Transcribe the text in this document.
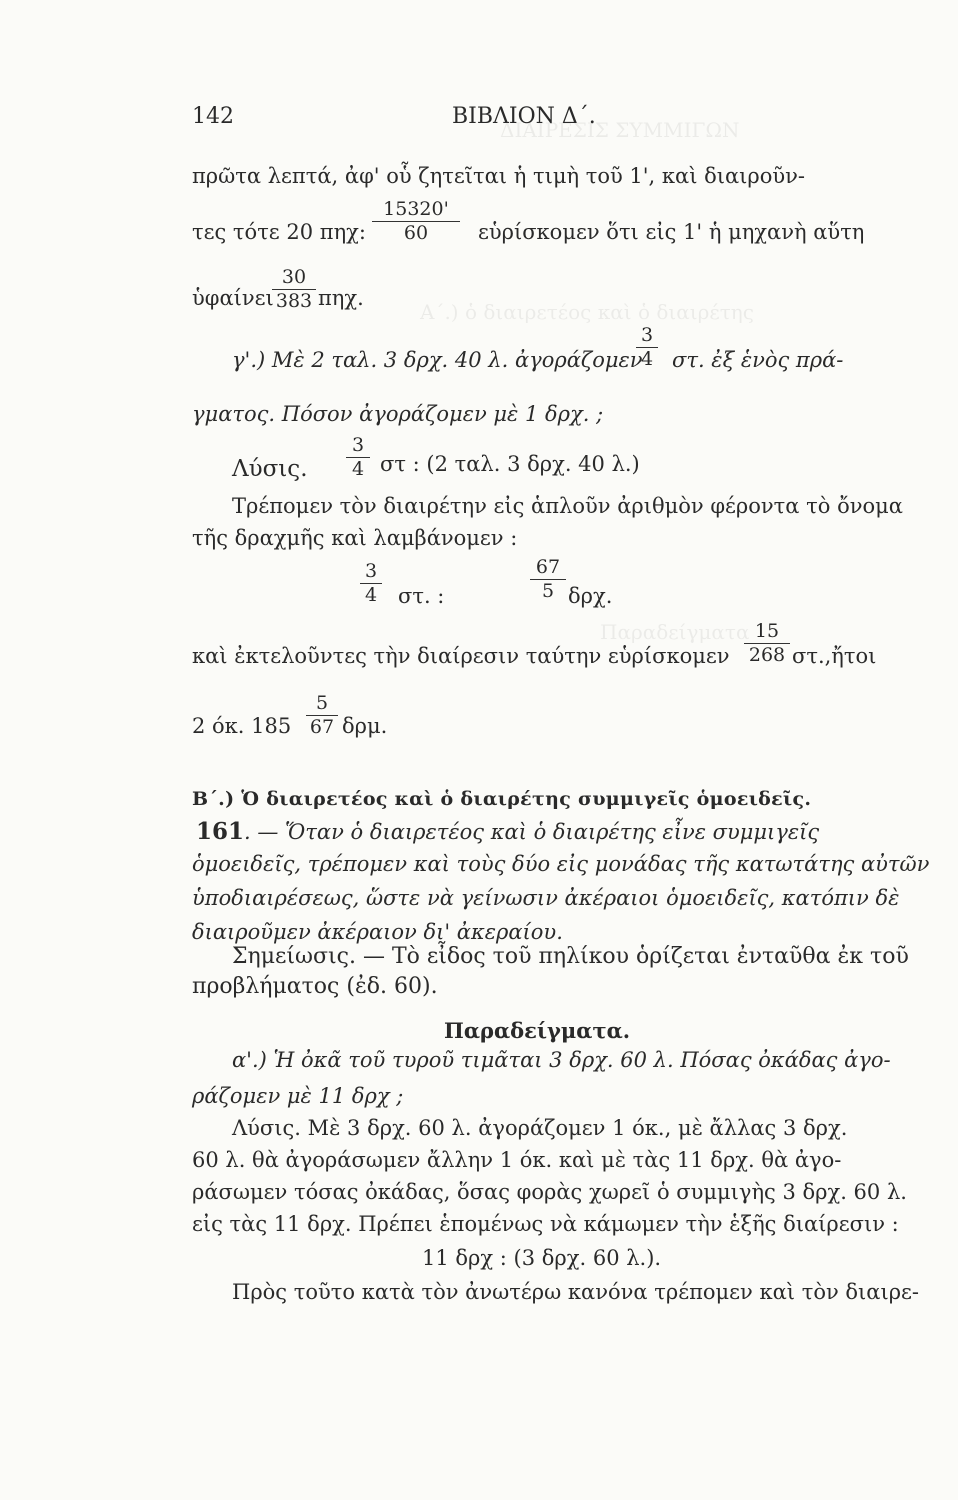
ΔΙΑΙΡΕΣΙΣ ΣΥΜΜΙΓΩΝ
Α΄.) ὁ διαιρετέος καὶ ὁ διαιρέτης
Παραδείγματα
142	ΒΙΒΛΙΟΝ Δ΄.
πρῶτα λεπτά, ἀφ' οὗ ζητεῖται ἡ τιμὴ τοῦ 1', καὶ διαιροῦν-
τες τότε 20 πηχ:
15320'
60	εὑρίσκομεν ὅτι εἰς 1' ἡ μηχανὴ αὕτη
ὑφαίνει
30
383 πηχ.
γ'.) Μὲ 2 ταλ. 3 δρχ. 40 λ. ἀγοράζομεν
3
4 στ. ἐξ ἑνὸς πρά-
γματος. Πόσον ἀγοράζομεν μὲ 1 δρχ. ;
Λύσις.
3
4 στ : (2 ταλ. 3 δρχ. 40 λ.)
Τρέπομεν τὸν διαιρέτην εἰς ἁπλοῦν ἀριθμὸν φέροντα τὸ ὄνομα
τῆς δραχμῆς καὶ λαμβάνομεν :
3
4 στ. :
67
5 δρχ.
καὶ ἐκτελοῦντες τὴν διαίρεσιν ταύτην εὑρίσκομεν
15
268 στ.,ἤτοι
2 όκ. 185
5
67 δρμ.
Β΄.) Ὁ διαιρετέος καὶ ὁ διαιρέτης συμμιγεῖς ὁμοειδεῖς.
161. — Ὅταν ὁ διαιρετέος καὶ ὁ διαιρέτης εἶνε συμμιγεῖς
ὁμοειδεῖς, τρέπομεν καὶ τοὺς δύο εἰς μονάδας τῆς κατωτάτης αὐτῶν
ὑποδιαιρέσεως, ὥστε νὰ γείνωσιν ἀκέραιοι ὁμοειδεῖς, κατόπιν δὲ
διαιροῦμεν ἀκέραιον δι' ἀκεραίου.
Σημείωσις. — Τὸ εἶδος τοῦ πηλίκου ὁρίζεται ἐνταῦθα ἐκ τοῦ
προβλήματος (ἐδ. 60).
Παραδείγματα.
α'.) Ἡ ὀκᾶ τοῦ τυροῦ τιμᾶται 3 δρχ. 60 λ. Πόσας ὀκάδας ἀγο-
ράζομεν μὲ 11 δρχ ;
Λύσις. Μὲ 3 δρχ. 60 λ. ἀγοράζομεν 1 όκ., μὲ ἄλλας 3 δρχ.
60 λ. θὰ ἀγοράσωμεν ἄλλην 1 όκ. καὶ μὲ τὰς 11 δρχ. θὰ ἀγο-
ράσωμεν τόσας ὀκάδας, ὅσας φορὰς χωρεῖ ὁ συμμιγὴς 3 δρχ. 60 λ.
εἰς τὰς 11 δρχ. Πρέπει ἑπομένως νὰ κάμωμεν τὴν ἑξῆς διαίρεσιν :
11 δρχ : (3 δρχ. 60 λ.).
Πρὸς τοῦτο κατὰ τὸν ἀνωτέρω κανόνα τρέπομεν καὶ τὸν διαιρε-
